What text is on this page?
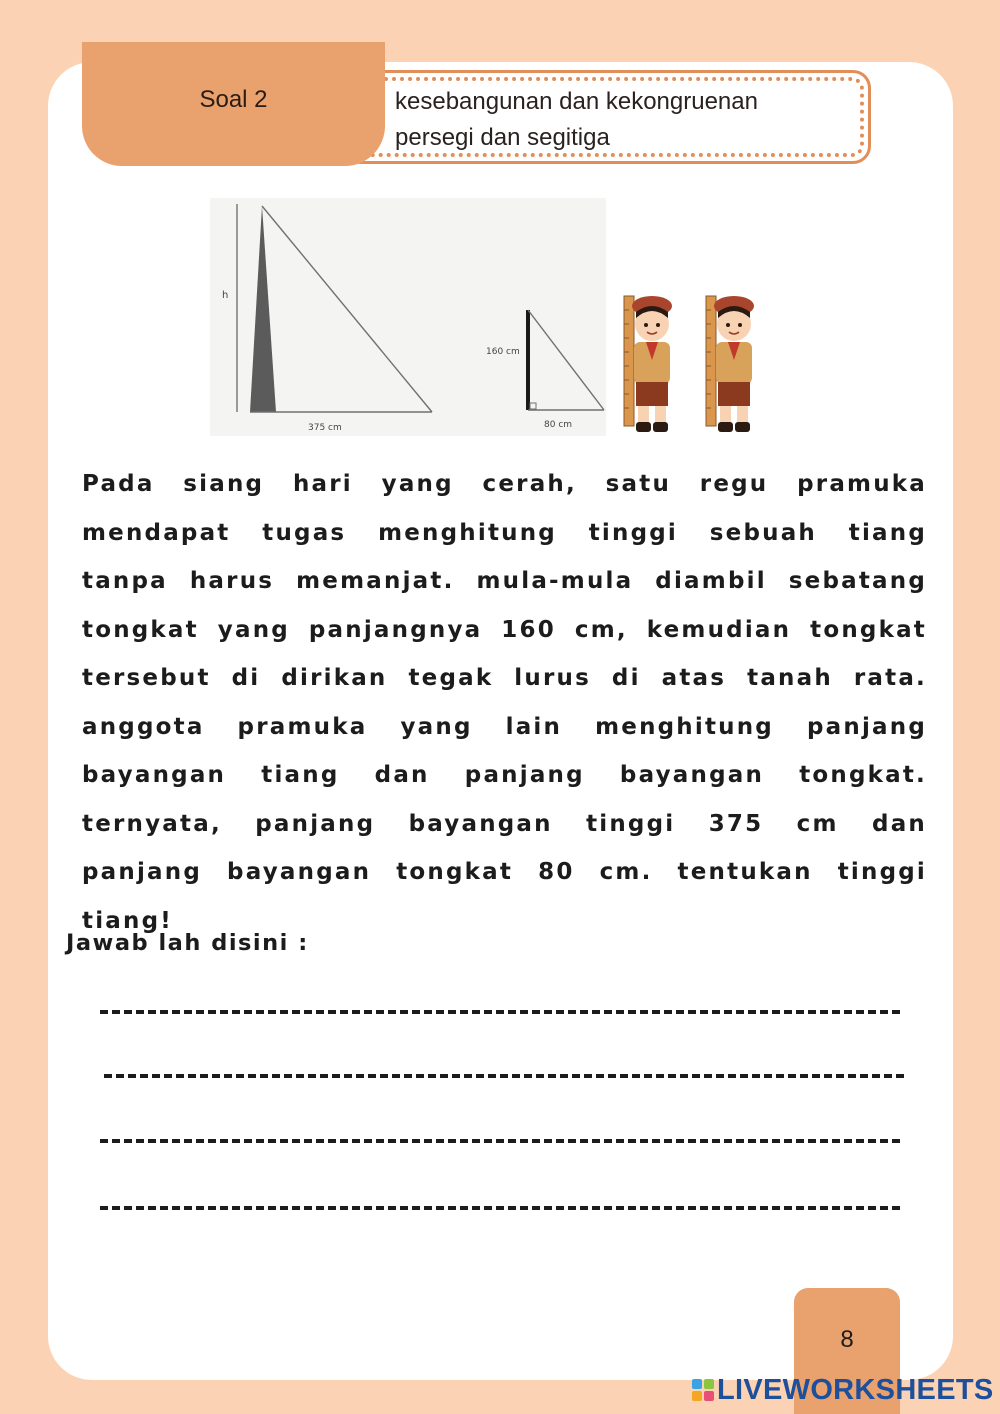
kesebangunan dan kekongruenan
persegi dan segitiga
Soal 2
h
375 cm
160 cm
80 cm

Pada siang hari yang cerah, satu regu pramuka mendapat tugas menghitung tinggi sebuah tiang tanpa harus memanjat. mula-mula diambil sebatang tongkat yang panjangnya 160 cm, kemudian tongkat tersebut di dirikan tegak lurus di atas tanah rata. anggota pramuka yang lain menghitung panjang bayangan tiang dan panjang bayangan tongkat. ternyata, panjang bayangan tinggi 375 cm dan panjang bayangan tongkat 80 cm. tentukan tinggi tiang!

Jawab lah disini :
8
LIVEWORKSHEETS
